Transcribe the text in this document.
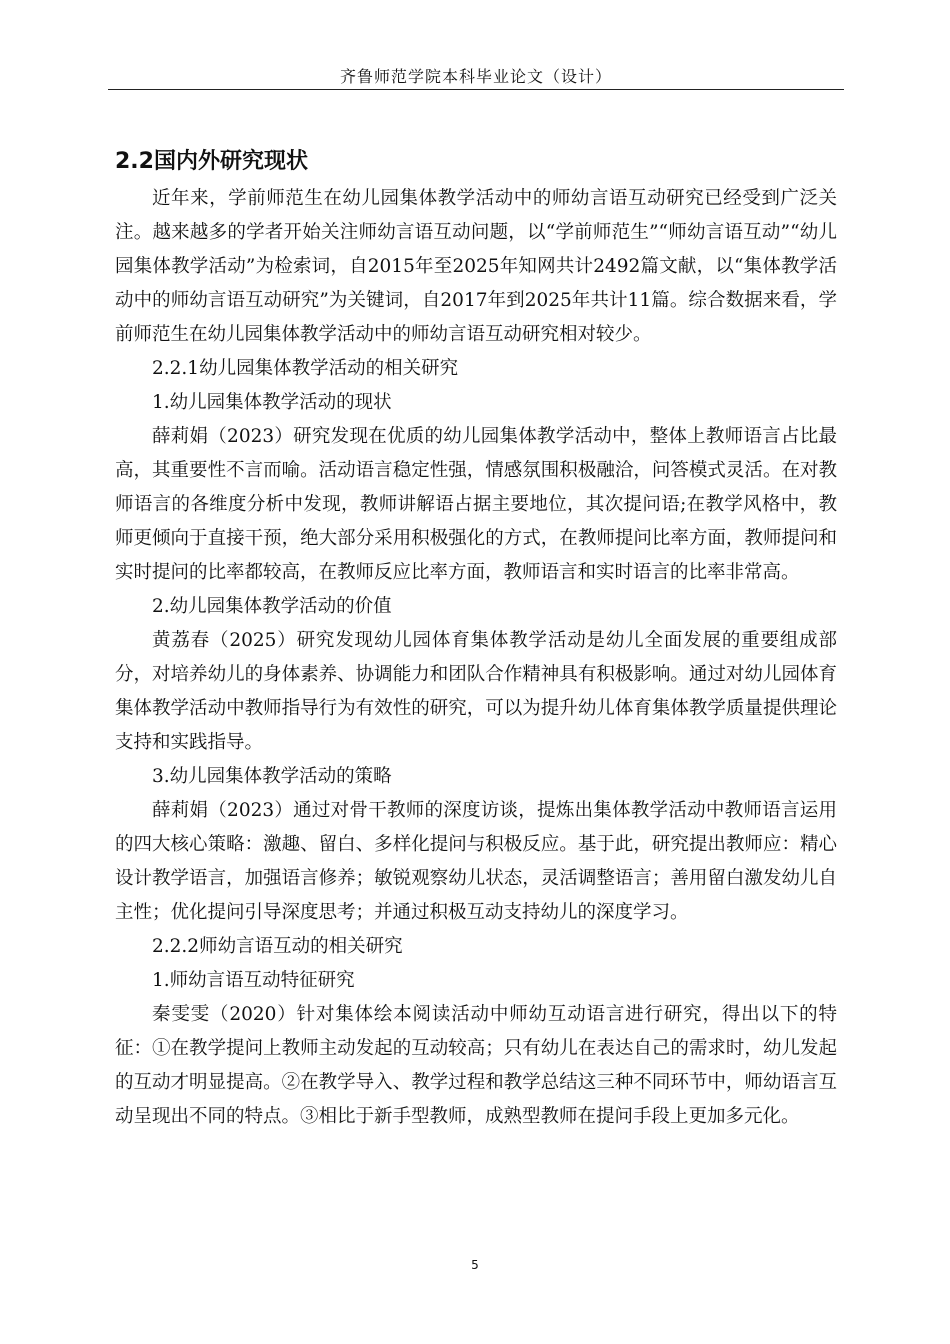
齐鲁师范学院本科毕业论文（设计）
2.2国内外研究现状

近年来，学前师范生在幼儿园集体教学活动中的师幼言语互动研究已经受到广泛关注。越来越多的学者开始关注师幼言语互动问题，以“学前师范生”“师幼言语互动”“幼儿园集体教学活动”为检索词，自2015年至2025年知网共计2492篇文献，以“集体教学活动中的师幼言语互动研究”为关键词，自2017年到2025年共计11篇。综合数据来看，学前师范生在幼儿园集体教学活动中的师幼言语互动研究相对较少。

2.2.1幼儿园集体教学活动的相关研究

1.幼儿园集体教学活动的现状

薛莉娟（2023）研究发现在优质的幼儿园集体教学活动中，整体上教师语言占比最高，其重要性不言而喻。活动语言稳定性强，情感氛围积极融洽，问答模式灵活。在对教师语言的各维度分析中发现，教师讲解语占据主要地位，其次提问语;在教学风格中，教师更倾向于直接干预，绝大部分采用积极强化的方式，在教师提问比率方面，教师提问和实时提问的比率都较高，在教师反应比率方面，教师语言和实时语言的比率非常高。

2.幼儿园集体教学活动的价值

黄荔春（2025）研究发现幼儿园体育集体教学活动是幼儿全面发展的重要组成部分，对培养幼儿的身体素养、协调能力和团队合作精神具有积极影响。通过对幼儿园体育集体教学活动中教师指导行为有效性的研究，可以为提升幼儿体育集体教学质量提供理论支持和实践指导。

3.幼儿园集体教学活动的策略

薛莉娟（2023）通过对骨干教师的深度访谈，提炼出集体教学活动中教师语言运用的四大核心策略：激趣、留白、多样化提问与积极反应。基于此，研究提出教师应：精心设计教学语言，加强语言修养；敏锐观察幼儿状态，灵活调整语言；善用留白激发幼儿自主性；优化提问引导深度思考；并通过积极互动支持幼儿的深度学习。

2.2.2师幼言语互动的相关研究

1.师幼言语互动特征研究

秦雯雯（2020）针对集体绘本阅读活动中师幼互动语言进行研究，得出以下的特征：①在教学提问上教师主动发起的互动较高；只有幼儿在表达自己的需求时，幼儿发起的互动才明显提高。②在教学导入、教学过程和教学总结这三种不同环节中，师幼语言互动呈现出不同的特点。③相比于新手型教师，成熟型教师在提问手段上更加多元化。

5
